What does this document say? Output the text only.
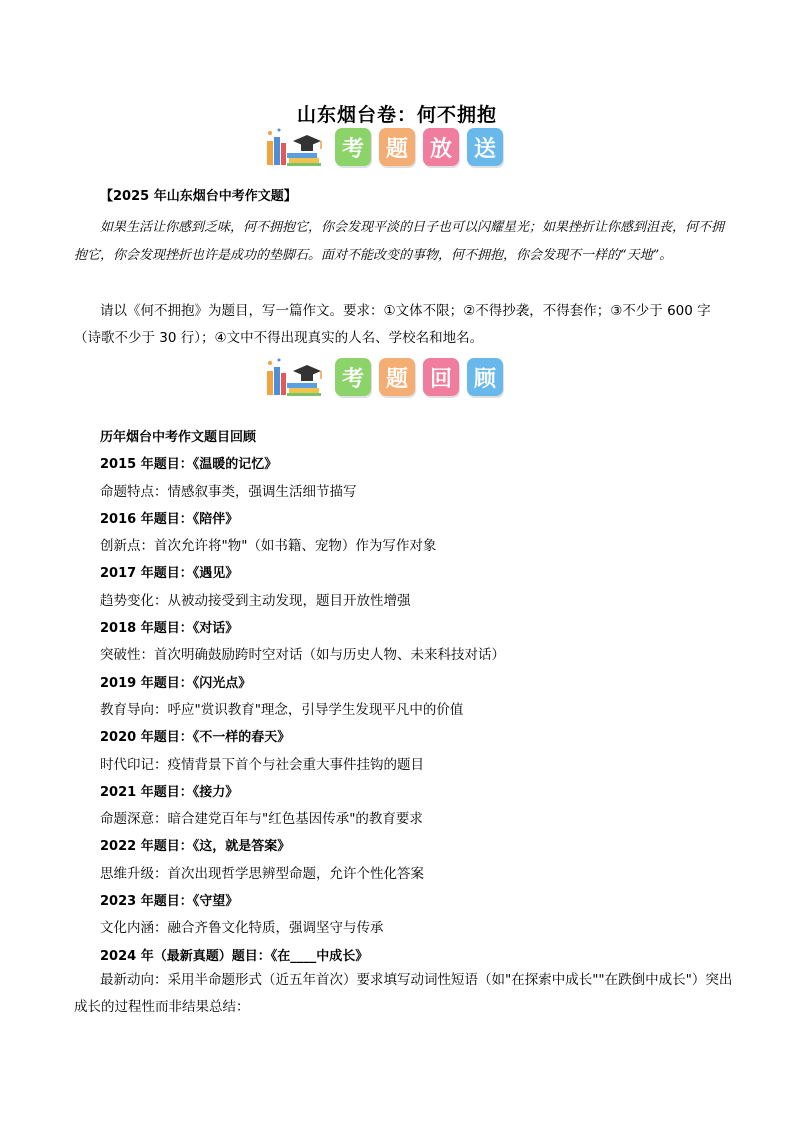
山东烟台卷：何不拥抱
考 题 放 送
【2025 年山东烟台中考作文题】

如果生活让你感到乏味，何不拥抱它，你会发现平淡的日子也可以闪耀星光；如果挫折让你感到沮丧，何不拥抱它，你会发现挫折也许是成功的垫脚石。面对不能改变的事物，何不拥抱，你会发现不一样的“天地”。

请以《何不拥抱》为题目，写一篇作文。要求：①文体不限；②不得抄袭，不得套作；③不少于 600 字（诗歌不少于 30 行）；④文中不得出现真实的人名、学校名和地名。

考 题 回 顾
历年烟台中考作文题目回顾
2015 年题目：《温暖的记忆》
命题特点：情感叙事类，强调生活细节描写
2016 年题目：《陪伴》
创新点：首次允许将"物"（如书籍、宠物）作为写作对象
2017 年题目：《遇见》
趋势变化：从被动接受到主动发现，题目开放性增强
2018 年题目：《对话》
突破性：首次明确鼓励跨时空对话（如与历史人物、未来科技对话）
2019 年题目：《闪光点》
教育导向：呼应"赏识教育"理念，引导学生发现平凡中的价值
2020 年题目：《不一样的春天》
时代印记：疫情背景下首个与社会重大事件挂钩的题目
2021 年题目：《接力》
命题深意：暗合建党百年与"红色基因传承"的教育要求
2022 年题目：《这，就是答案》
思维升级：首次出现哲学思辨型命题，允许个性化答案
2023 年题目：《守望》
文化内涵：融合齐鲁文化特质，强调坚守与传承
2024 年（最新真题）题目：《在____中成长》

最新动向：采用半命题形式（近五年首次）要求填写动词性短语（如"在探索中成长""在跌倒中成长"）突出成长的过程性而非结果总结：
